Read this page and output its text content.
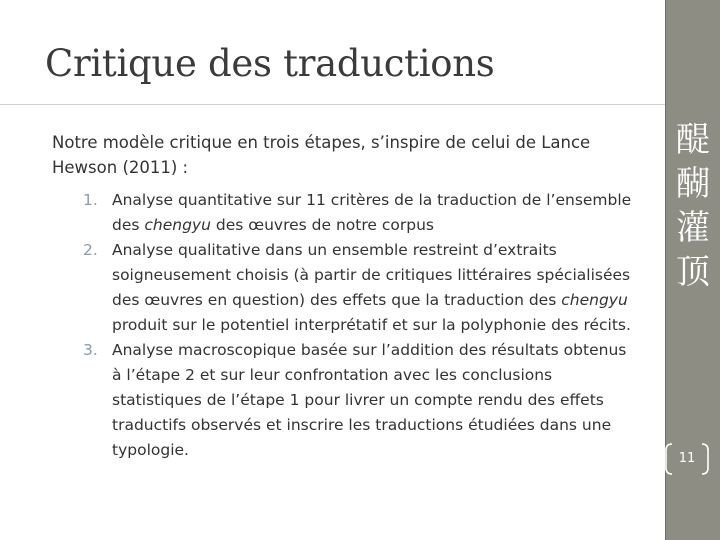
Critique des traductions

Notre modèle critique en trois étapes, s’inspire de celui de Lance Hewson (2011) :

1. Analyse quantitative sur 11 critères de la traduction de l’ensemble des chengyu des œuvres de notre corpus
2. Analyse qualitative dans un ensemble restreint d’extraits soigneusement choisis (à partir de critiques littéraires spécialisées des œuvres en question) des effets que la traduction des chengyu produit sur le potentiel interprétatif et sur la polyphonie des récits.
3. Analyse macroscopique basée sur l’addition des résultats obtenus à l’étape 2 et sur leur confrontation avec les conclusions statistiques de l’étape 1 pour livrer un compte rendu des effets traductifs observés et inscrire les traductions étudiées dans une typologie.
醍
醐
灌
顶
11
